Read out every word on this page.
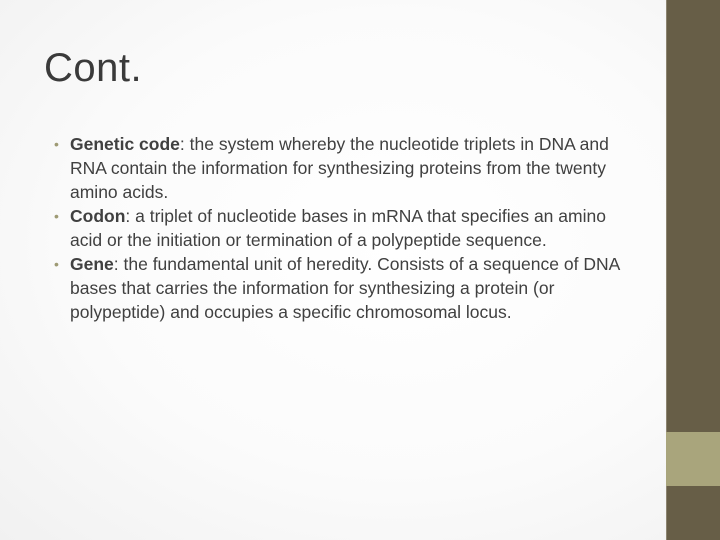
Cont.
• Genetic code: the system whereby the nucleotide triplets in DNA and RNA contain the information for synthesizing proteins from the twenty amino acids.
• Codon: a triplet of nucleotide bases in mRNA that specifies an amino acid or the initiation or termination of a polypeptide sequence.
• Gene: the fundamental unit of heredity. Consists of a sequence of DNA bases that carries the information for synthesizing a protein (or polypeptide) and occupies a specific chromosomal locus.
